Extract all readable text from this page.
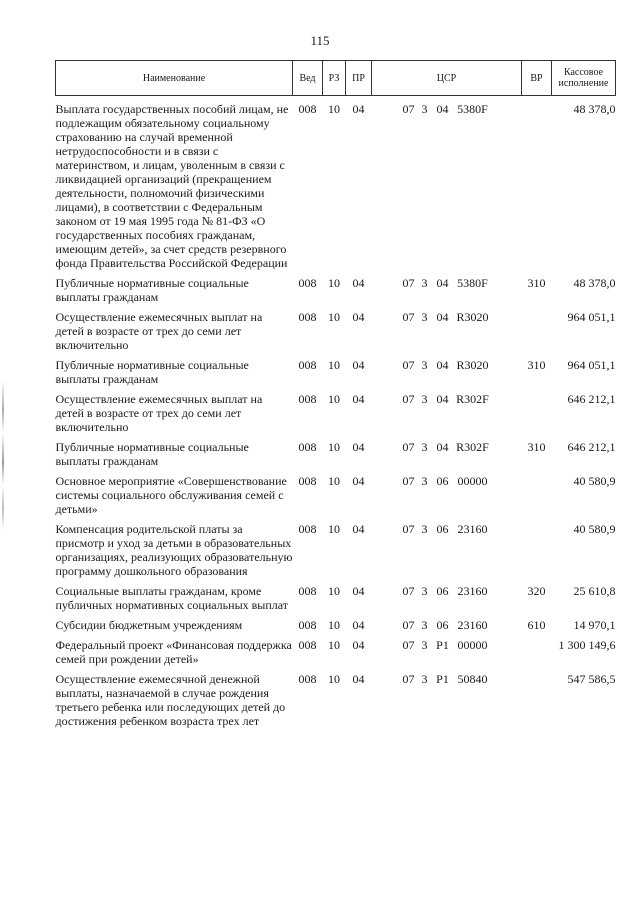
115
Наименование	Вед	РЗ	ПР	ЦСР	ВР	Кассовое исполнение
Выплата государственных пособий лицам, не подлежащим обязательному социальному страхованию на случай временной нетрудоспособности и в связи с материнством, и лицам, уволенным в связи с ликвидацией организаций (прекращением деятельности, полномочий физическими лицами), в соответствии с Федеральным законом от 19 мая 1995 года № 81-ФЗ «О государственных пособиях гражданам, имеющим детей», за счет средств резервного фонда Правительства Российской Федерации	008	10	04	07 3 04 5380F		48 378,0
Публичные нормативные социальные выплаты гражданам	008	10	04	07 3 04 5380F	310	48 378,0
Осуществление ежемесячных выплат на детей в возрасте от трех до семи лет включительно	008	10	04	07 3 04 R3020		964 051,1
Публичные нормативные социальные выплаты гражданам	008	10	04	07 3 04 R3020	310	964 051,1
Осуществление ежемесячных выплат на детей в возрасте от трех до семи лет включительно	008	10	04	07 3 04 R302F		646 212,1
Публичные нормативные социальные выплаты гражданам	008	10	04	07 3 04 R302F	310	646 212,1
Основное мероприятие «Совершенствование системы социального обслуживания семей с детьми»	008	10	04	07 3 06 00000		40 580,9
Компенсация родительской платы за присмотр и уход за детьми в образовательных организациях, реализующих образовательную программу дошкольного образования	008	10	04	07 3 06 23160		40 580,9
Социальные выплаты гражданам, кроме публичных нормативных социальных выплат	008	10	04	07 3 06 23160	320	25 610,8
Субсидии бюджетным учреждениям	008	10	04	07 3 06 23160	610	14 970,1
Федеральный проект «Финансовая поддержка семей при рождении детей»	008	10	04	07 3 P1 00000		1 300 149,6
Осуществление ежемесячной денежной выплаты, назначаемой в случае рождения третьего ребенка или последующих детей до достижения ребенком возраста трех лет	008	10	04	07 3 P1 50840		547 586,5
